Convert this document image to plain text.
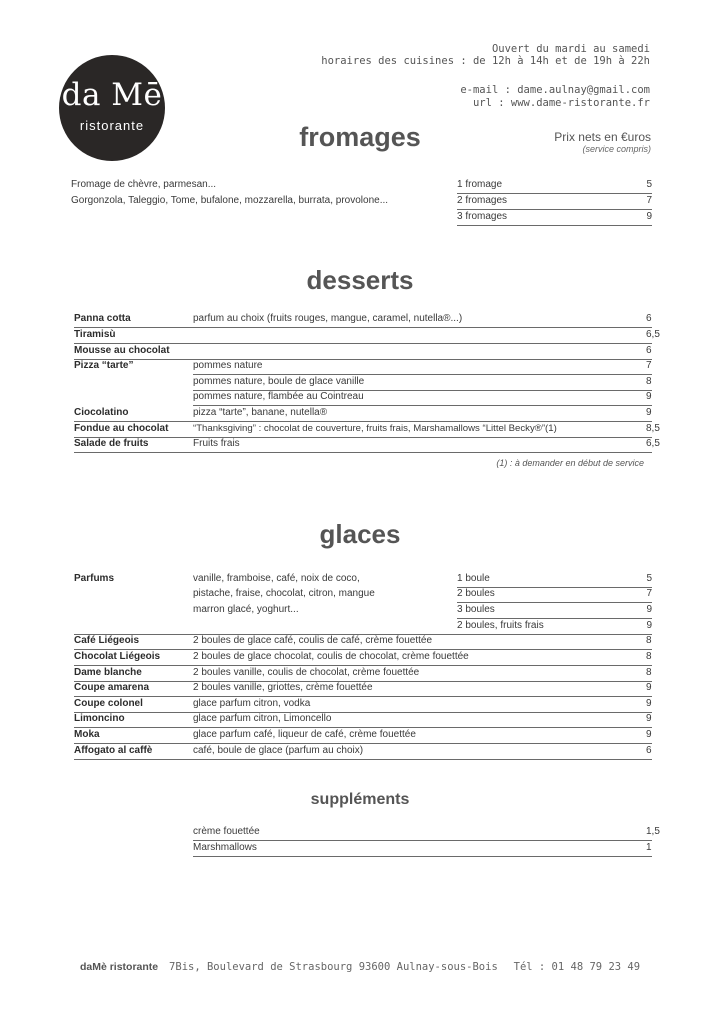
da Mē
ristorante
Ouvert du mardi au samedi
horaires des cuisines : de 12h à 14h et de 19h à 22h
e-mail : dame.aulnay@gmail.com
url : www.dame-ristorante.fr
Prix nets en €uros
(service compris)
fromages
Fromage de chèvre, parmesan...
Gorgonzola, Taleggio, Tome, bufalone, mozzarella, burrata, provolone...
1 fromage	5
2 fromages	7
3 fromages	9
desserts
Panna cotta	parfum au choix (fruits rouges, mangue, caramel, nutella®...)	6
Tiramisù	6,5
Mousse au chocolat	6
Pizza “tarte”	pommes nature	7
pommes nature, boule de glace vanille	8
pommes nature, flambée au Cointreau	9
Ciocolatino	pizza “tarte”, banane, nutella®	9
Fondue au chocolat	“Thanksgiving” : chocolat de couverture, fruits frais, Marshamallows “Littel Becky®”(1)	8,5
Salade de fruits	Fruits frais	6,5
(1) : à demander en début de service
glaces
Parfums	vanille, framboise, café, noix de coco,
pistache, fraise, chocolat, citron, mangue
marron glacé, yoghurt...
1 boule	5
2 boules	7
3 boules	9
2 boules, fruits frais	9
Café Liégeois	2 boules de glace café, coulis de café, crème fouettée	8
Chocolat Liégeois	2 boules de glace chocolat, coulis de chocolat, crème fouettée	8
Dame blanche	2 boules vanille, coulis de chocolat, crème fouettée	8
Coupe amarena	2 boules vanille, griottes, crème fouettée	9
Coupe colonel	glace parfum citron, vodka	9
Limoncino	glace parfum citron, Limoncello	9
Moka	glace parfum café, liqueur de café, crème fouettée	9
Affogato al caffè	café, boule de glace (parfum au choix)	6
suppléments
crème fouettée	1,5
Marshmallows	1
daMè ristorante 7Bis, Boulevard de Strasbourg 93600 Aulnay-sous-Bois Tél : 01 48 79 23 49
